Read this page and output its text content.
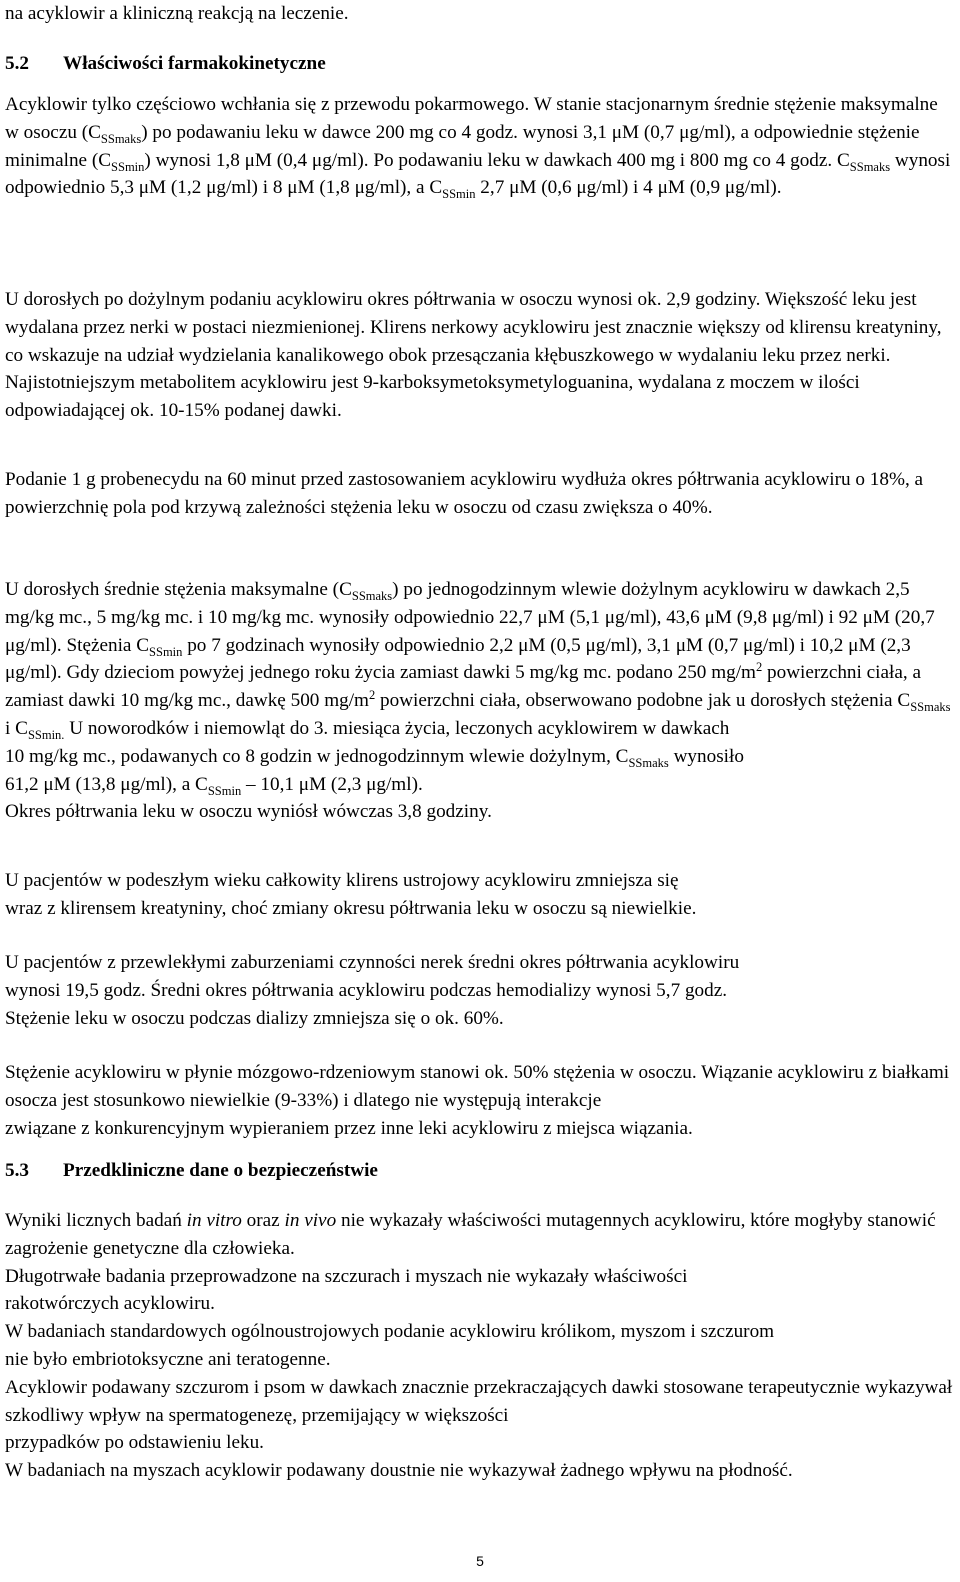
na acyklowir a kliniczną reakcją na leczenie.

5.2 Właściwości farmakokinetyczne

Acyklowir tylko częściowo wchłania się z przewodu pokarmowego. W stanie stacjonarnym średnie stężenie maksymalne w osoczu $(C_{SSmaks})$ po podawaniu leku w dawce 200 mg co 4 godz. wynosi 3,1 μM (0,7 μg/ml), a odpowiednie stężenie minimalne $(C_{SSmin})$ wynosi 1,8 μM (0,4 μg/ml). Po podawaniu leku w dawkach 400 mg i 800 mg co 4 godz. $C_{SSmaks}$ wynosi odpowiednio 5,3 μM (1,2 μg/ml) i 8 μM (1,8 μg/ml), a $C_{SSmin}$ 2,7 μM (0,6 μg/ml) i 4 μM (0,9 μg/ml).

U dorosłych po dożylnym podaniu acyklowiru okres półtrwania w osoczu wynosi ok. 2,9 godziny. Większość leku jest wydalana przez nerki w postaci niezmienionej. Klirens nerkowy acyklowiru jest znacznie większy od klirensu kreatyniny, co wskazuje na udział wydzielania kanalikowego obok przesączania kłębuszkowego w wydalaniu leku przez nerki. Najistotniejszym metabolitem acyklowiru jest 9-karboksymetoksymetyloguanina, wydalana z moczem w ilości odpowiadającej ok. 10-15% podanej dawki.

Podanie 1 g probenecydu na 60 minut przed zastosowaniem acyklowiru wydłuża okres półtrwania acyklowiru o 18%, a powierzchnię pola pod krzywą zależności stężenia leku w osoczu od czasu zwiększa o 40%.

U dorosłych średnie stężenia maksymalne $(C_{SSmaks})$ po jednogodzinnym wlewie dożylnym acyklowiru w dawkach 2,5 mg/kg mc., 5 mg/kg mc. i 10 mg/kg mc. wynosiły odpowiednio 22,7 μM (5,1 μg/ml), 43,6 μM (9,8 μg/ml) i 92 μM (20,7 μg/ml). Stężenia $C_{SSmin}$ po 7 godzinach wynosiły odpowiednio 2,2 μM (0,5 μg/ml), 3,1 μM (0,7 μg/ml) i 10,2 μM (2,3 μg/ml). Gdy dzieciom powyżej jednego roku życia zamiast dawki 5 mg/kg mc. podano 250 $mg/m^2$ powierzchni ciała, a zamiast dawki 10 mg/kg mc., dawkę 500 $mg/m^2$ powierzchni ciała, obserwowano podobne jak u dorosłych stężenia $C_{SSmaks}$
i $C_{SSmin.}$ U noworodków i niemowląt do 3. miesiąca życia, leczonych acyklowirem w dawkach
10 mg/kg mc., podawanych co 8 godzin w jednogodzinnym wlewie dożylnym, $C_{SSmaks}$ wynosiło
61,2 μM (13,8 μg/ml), a $C_{SSmin} - 10,1$ μM (2,3 μg/ml).
Okres półtrwania leku w osoczu wyniósł wówczas 3,8 godziny.

U pacjentów w podeszłym wieku całkowity klirens ustrojowy acyklowiru zmniejsza się
wraz z klirensem kreatyniny, choć zmiany okresu półtrwania leku w osoczu są niewielkie.

U pacjentów z przewlekłymi zaburzeniami czynności nerek średni okres półtrwania acyklowiru
wynosi 19,5 godz. Średni okres półtrwania acyklowiru podczas hemodializy wynosi 5,7 godz.
Stężenie leku w osoczu podczas dializy zmniejsza się o ok. 60%.

Stężenie acyklowiru w płynie mózgowo-rdzeniowym stanowi ok. 50% stężenia w osoczu. Wiązanie acyklowiru z białkami osocza jest stosunkowo niewielkie (9-33%) i dlatego nie występują interakcje
związane z konkurencyjnym wypieraniem przez inne leki acyklowiru z miejsca wiązania.

5.3 Przedkliniczne dane o bezpieczeństwie

Wyniki licznych badań in vitro oraz in vivo nie wykazały właściwości mutagennych acyklowiru, które mogłyby stanowić zagrożenie genetyczne dla człowieka.
Długotrwałe badania przeprowadzone na szczurach i myszach nie wykazały właściwości
rakotwórczych acyklowiru.
W badaniach standardowych ogólnoustrojowych podanie acyklowiru królikom, myszom i szczurom
nie było embriotoksyczne ani teratogenne.
Acyklowir podawany szczurom i psom w dawkach znacznie przekraczających dawki stosowane terapeutycznie wykazywał szkodliwy wpływ na spermatogenezę, przemijający w większości
przypadków po odstawieniu leku.
W badaniach na myszach acyklowir podawany doustnie nie wykazywał żadnego wpływu na płodność.

5
